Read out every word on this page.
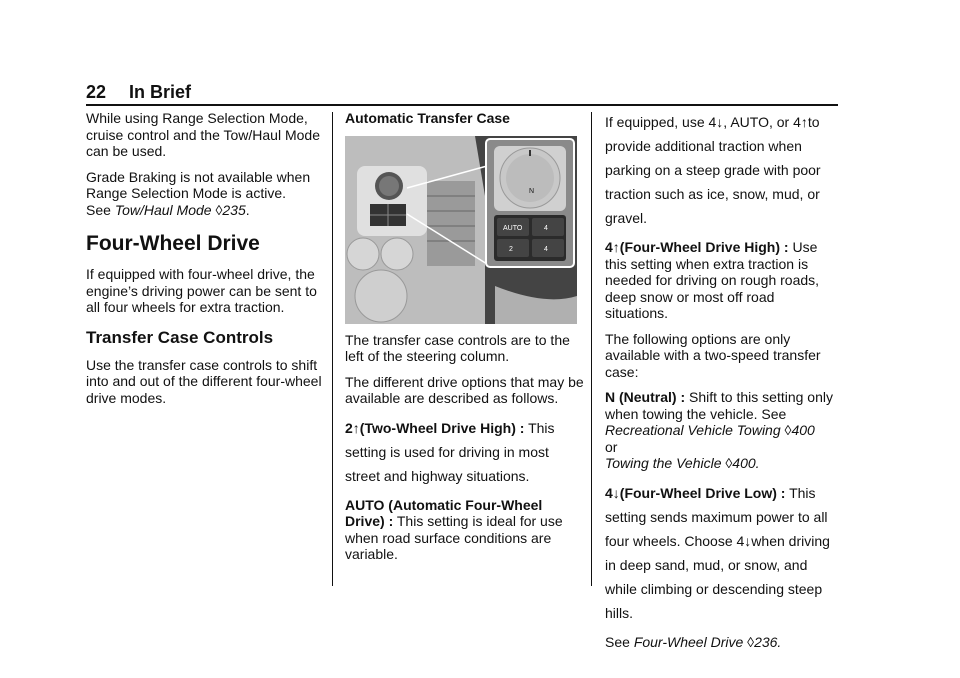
22 In Brief

While using Range Selection Mode, cruise control and the Tow/Haul Mode can be used.

Grade Braking is not available when Range Selection Mode is active.
See Tow/Haul Mode ◊235.

Four-Wheel Drive

If equipped with four-wheel drive, the engine’s driving power can be sent to all four wheels for extra traction.

Transfer Case Controls

Use the transfer case controls to shift into and out of the different four-wheel drive modes.

Automatic Transfer Case

N
AUTO	4
2	4

The transfer case controls are to the left of the steering column.

The different drive options that may be available are described as follows.

2↑(Two-Wheel Drive High) : This setting is used for driving in most street and highway situations.

AUTO (Automatic Four-Wheel Drive) : This setting is ideal for use when road surface conditions are variable.

If equipped, use 4↓, AUTO, or 4↑to provide additional traction when parking on a steep grade with poor traction such as ice, snow, mud, or gravel.

4↑(Four-Wheel Drive High) : Use this setting when extra traction is needed for driving on rough roads, deep snow or most off road situations.

The following options are only available with a two-speed transfer case:

N (Neutral) : Shift to this setting only when towing the vehicle. See
Recreational Vehicle Towing ◊400
or
Towing the Vehicle ◊400.

4↓(Four-Wheel Drive Low) : This setting sends maximum power to all four wheels. Choose 4↓when driving in deep sand, mud, or snow, and while climbing or descending steep hills.

See Four-Wheel Drive ◊236.
